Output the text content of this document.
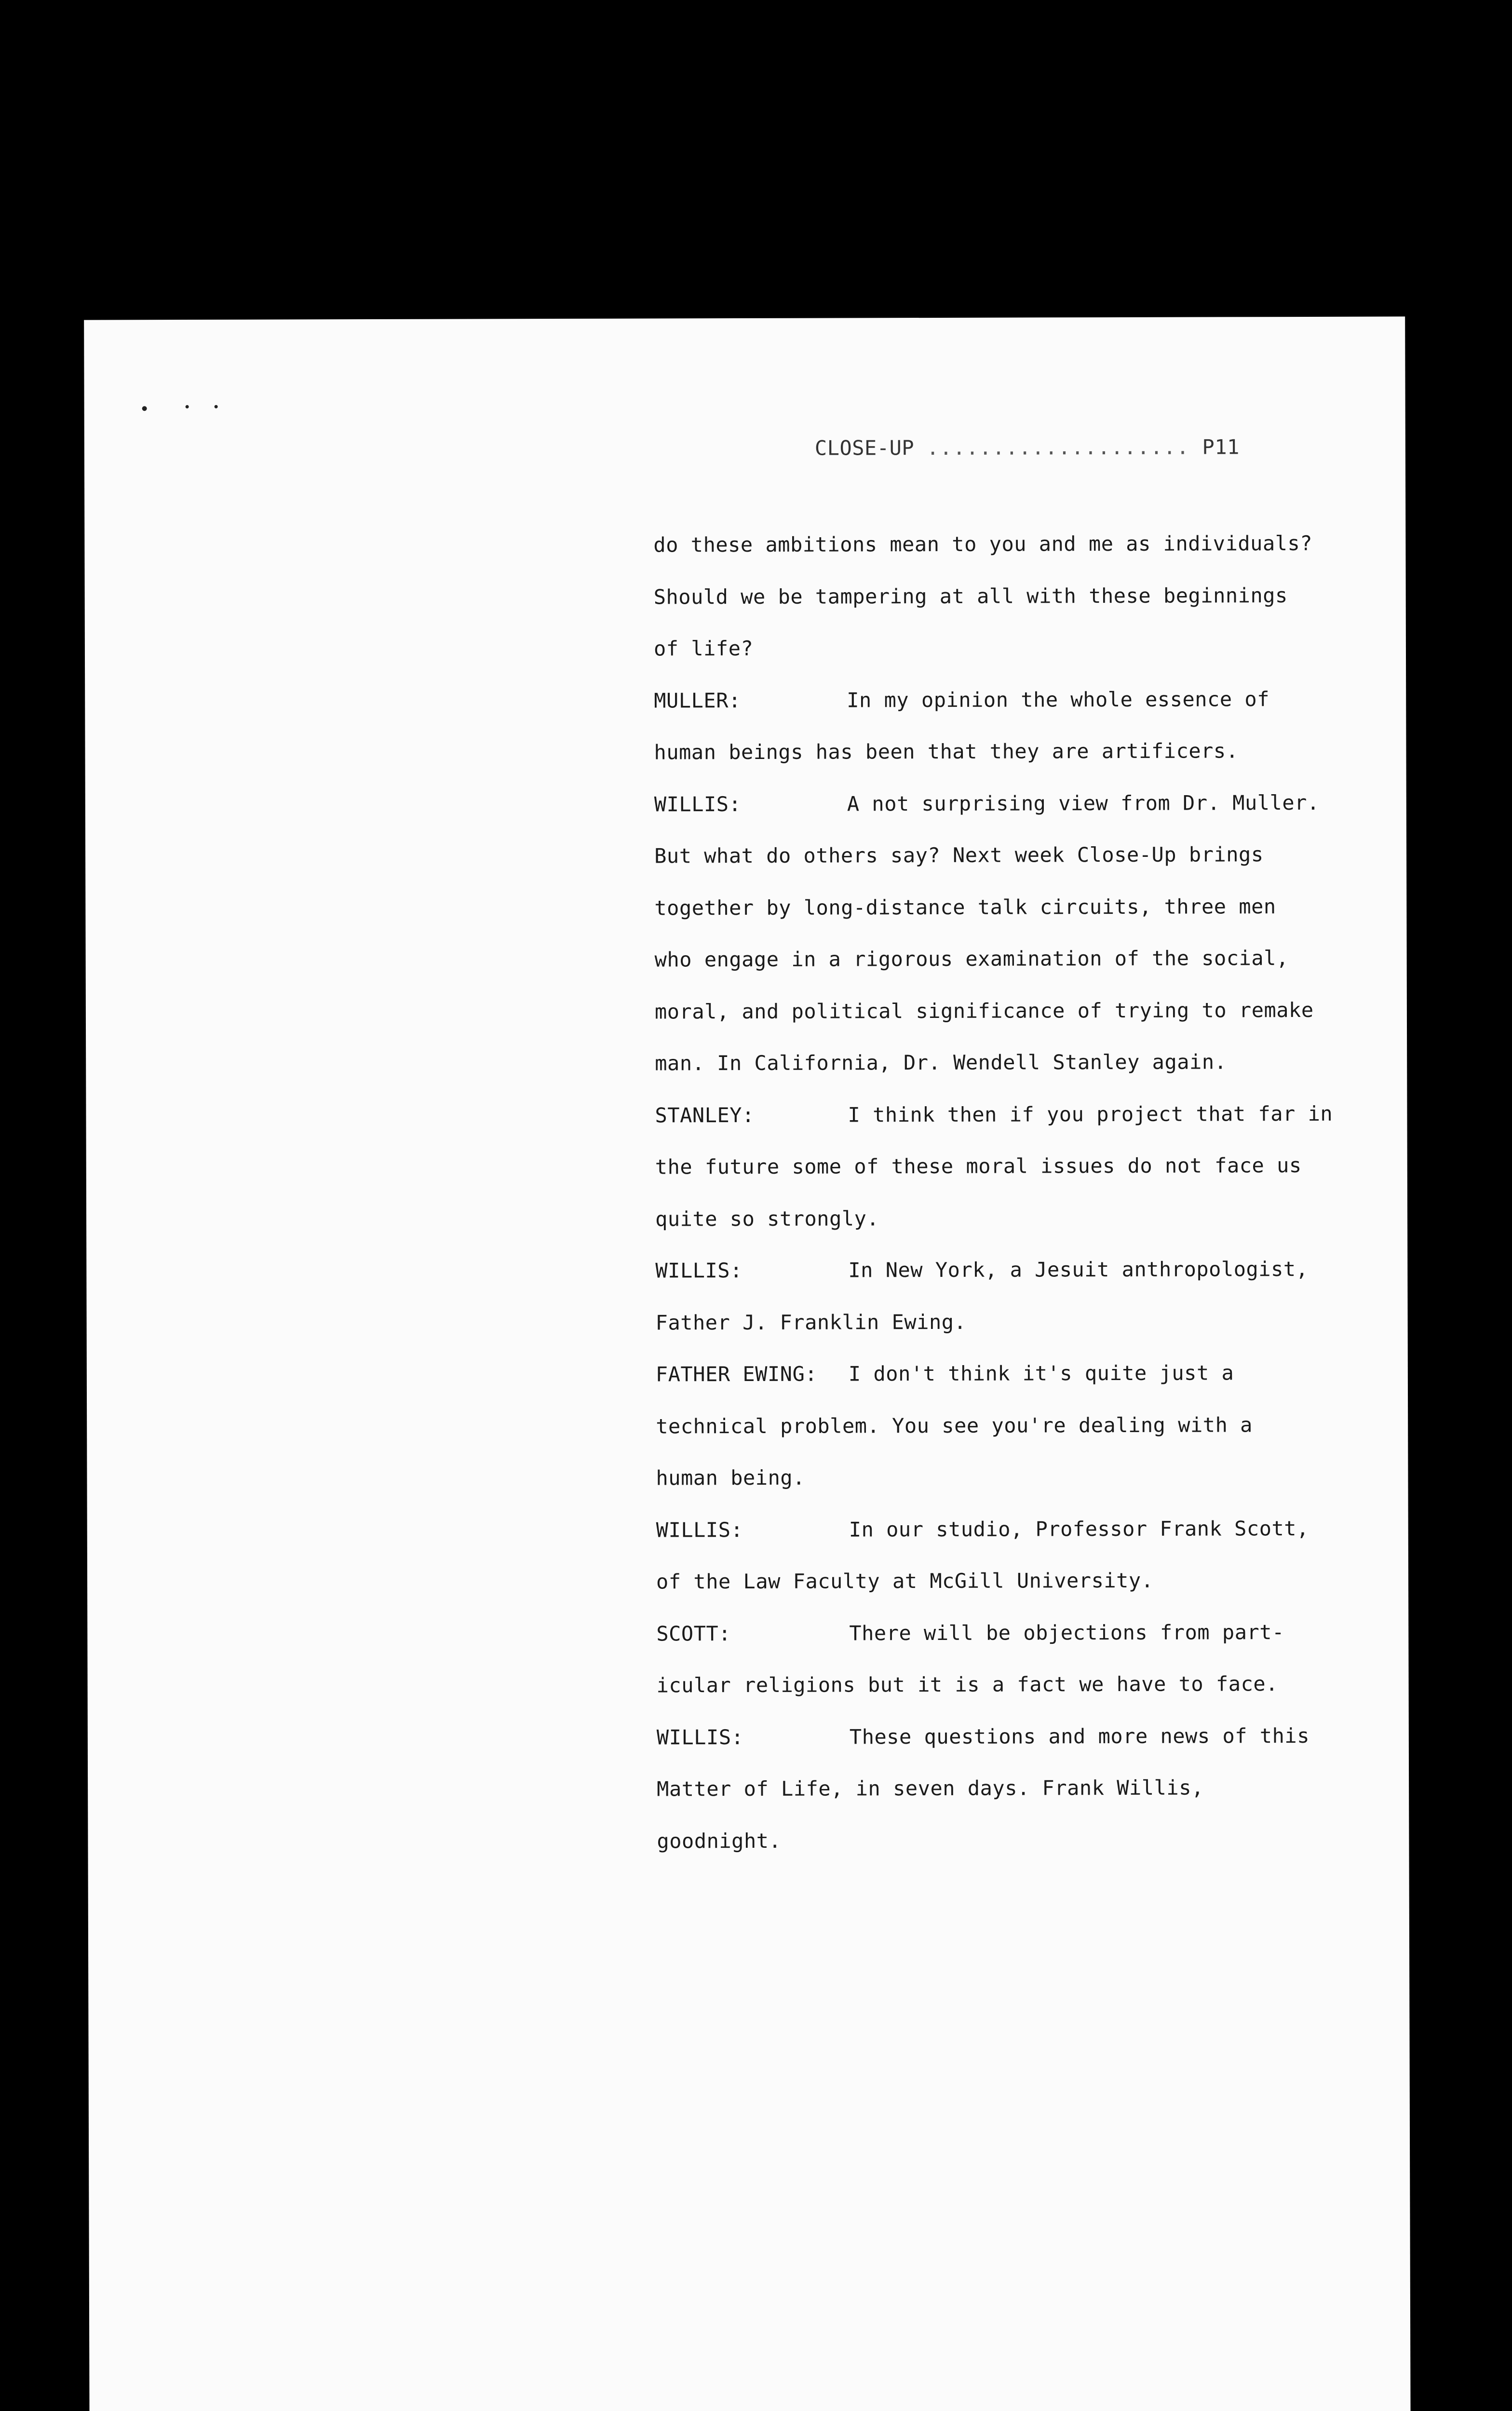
CLOSE-UP .................... P11
do these ambitions mean to you and me as individuals?
Should we be tampering at all with these beginnings
of life?
MULLER:	In my opinion the whole essence of
human beings has been that they are artificers.
WILLIS:	A not surprising view from Dr. Muller.
But what do others say? Next week Close-Up brings
together by long-distance talk circuits, three men
who engage in a rigorous examination of the social,
moral, and political significance of trying to remake
man. In California, Dr. Wendell Stanley again.
STANLEY:	I think then if you project that far in
the future some of these moral issues do not face us
quite so strongly.
WILLIS:	In New York, a Jesuit anthropologist,
Father J. Franklin Ewing.
FATHER EWING: I don't think it's quite just a
technical problem. You see you're dealing with a
human being.
WILLIS:	In our studio, Professor Frank Scott,
of the Law Faculty at McGill University.
SCOTT:	There will be objections from part-
icular religions but it is a fact we have to face.
WILLIS:	These questions and more news of this
Matter of Life, in seven days. Frank Willis,
goodnight.
